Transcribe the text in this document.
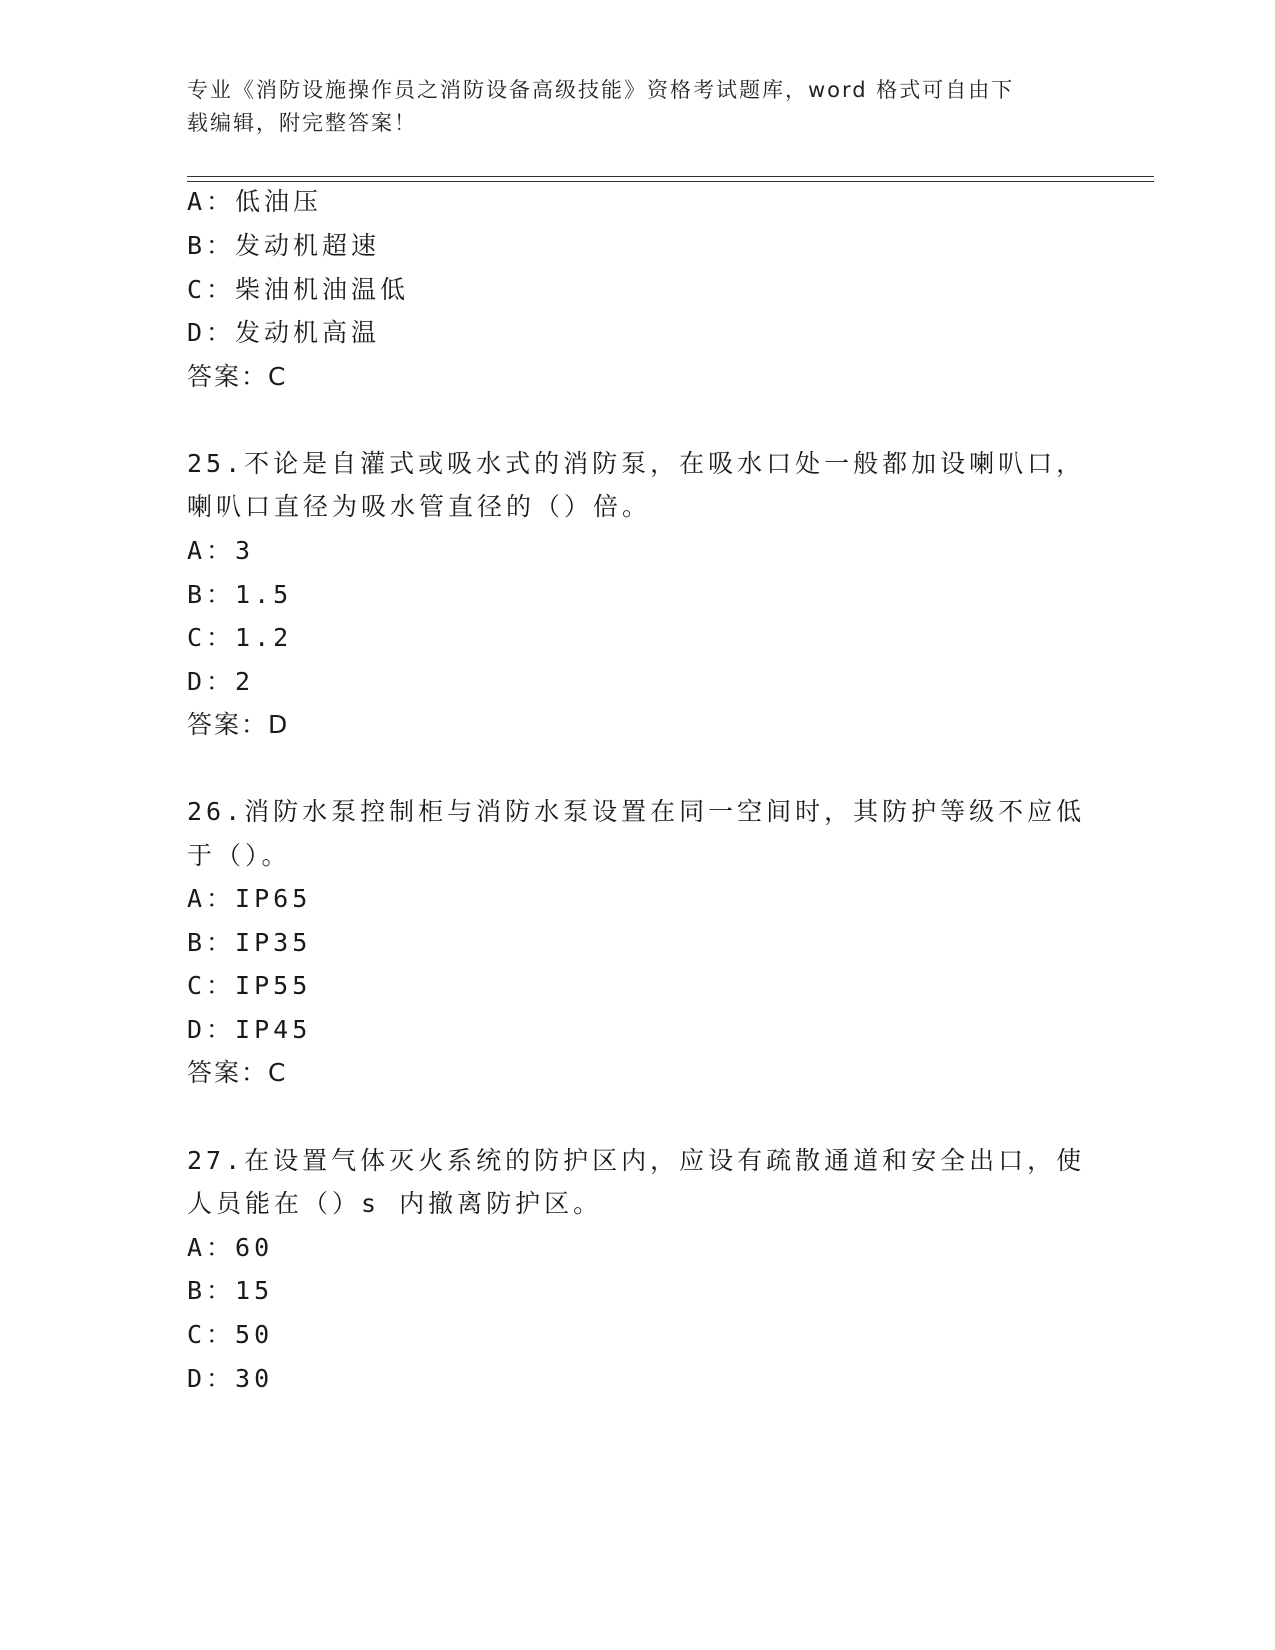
专业《消防设施操作员之消防设备高级技能》资格考试题库，word 格式可自由下
载编辑，附完整答案！
A：低油压
B：发动机超速
C：柴油机油温低
D：发动机高温
答案：C
25.不论是自灌式或吸水式的消防泵，在吸水口处一般都加设喇叭口，
喇叭口直径为吸水管直径的（）倍。
A：3
B：1.5
C：1.2
D：2
答案：D
26.消防水泵控制柜与消防水泵设置在同一空间时，其防护等级不应低
于（）。
A：IP65
B：IP35
C：IP55
D：IP45
答案：C
27.在设置气体灭火系统的防护区内，应设有疏散通道和安全出口，使
人员能在（）s 内撤离防护区。
A：60
B：15
C：50
D：30
